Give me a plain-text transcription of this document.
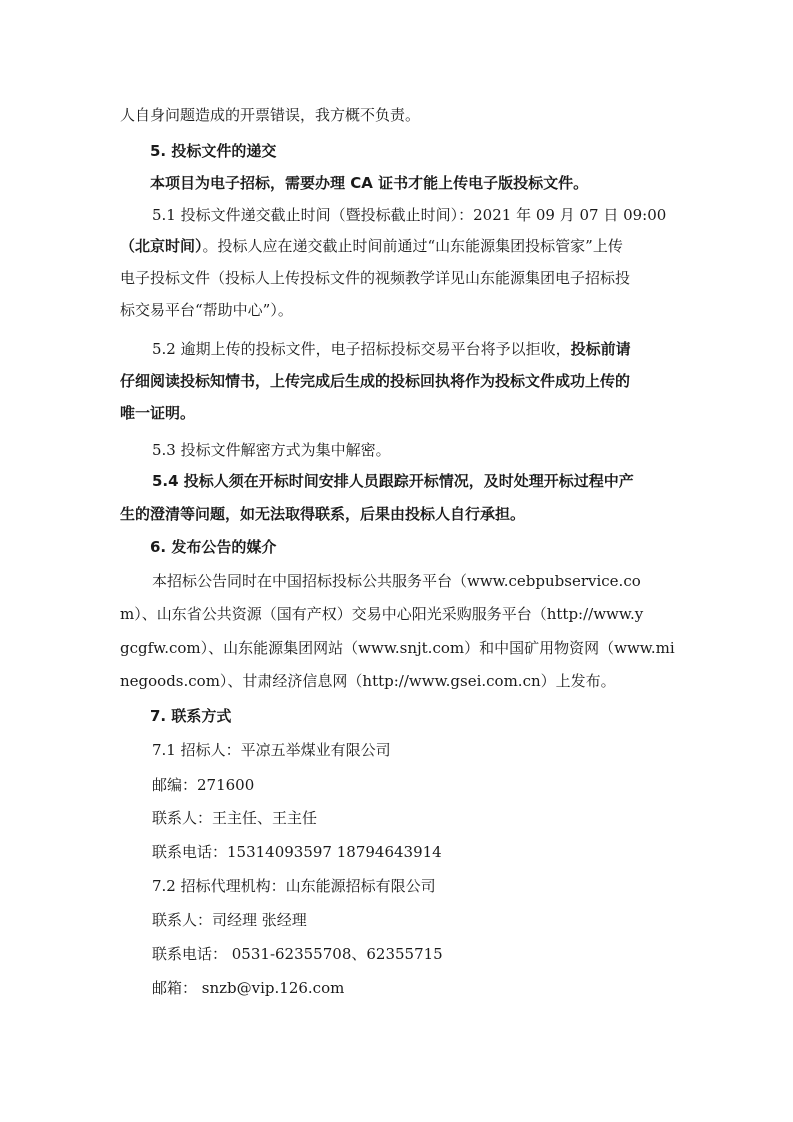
人自身问题造成的开票错误，我方概不负责。
5. 投标文件的递交
本项目为电子招标，需要办理 CA 证书才能上传电子版投标文件。
5.1 投标文件递交截止时间（暨投标截止时间）：2021 年 09 月 07 日 09:00
（北京时间）。投标人应在递交截止时间前通过“山东能源集团投标管家”上传
电子投标文件（投标人上传投标文件的视频教学详见山东能源集团电子招标投
标交易平台“帮助中心”）。
5.2 逾期上传的投标文件，电子招标投标交易平台将予以拒收，投标前请
仔细阅读投标知情书，上传完成后生成的投标回执将作为投标文件成功上传的
唯一证明。
5.3 投标文件解密方式为集中解密。
5.4 投标人须在开标时间安排人员跟踪开标情况，及时处理开标过程中产
生的澄清等问题，如无法取得联系，后果由投标人自行承担。
6. 发布公告的媒介
本招标公告同时在中国招标投标公共服务平台（www.cebpubservice.co
m）、山东省公共资源（国有产权）交易中心阳光采购服务平台（http://www.y
gcgfw.com）、山东能源集团网站（www.snjt.com）和中国矿用物资网（www.mi
negoods.com）、甘肃经济信息网（http://www.gsei.com.cn）上发布。
7. 联系方式
7.1 招标人：平凉五举煤业有限公司
邮编：271600
联系人：王主任、王主任
联系电话：15314093597 18794643914
7.2 招标代理机构：山东能源招标有限公司
联系人：司经理 张经理
联系电话： 0531-62355708、62355715
邮箱： snzb@vip.126.com
